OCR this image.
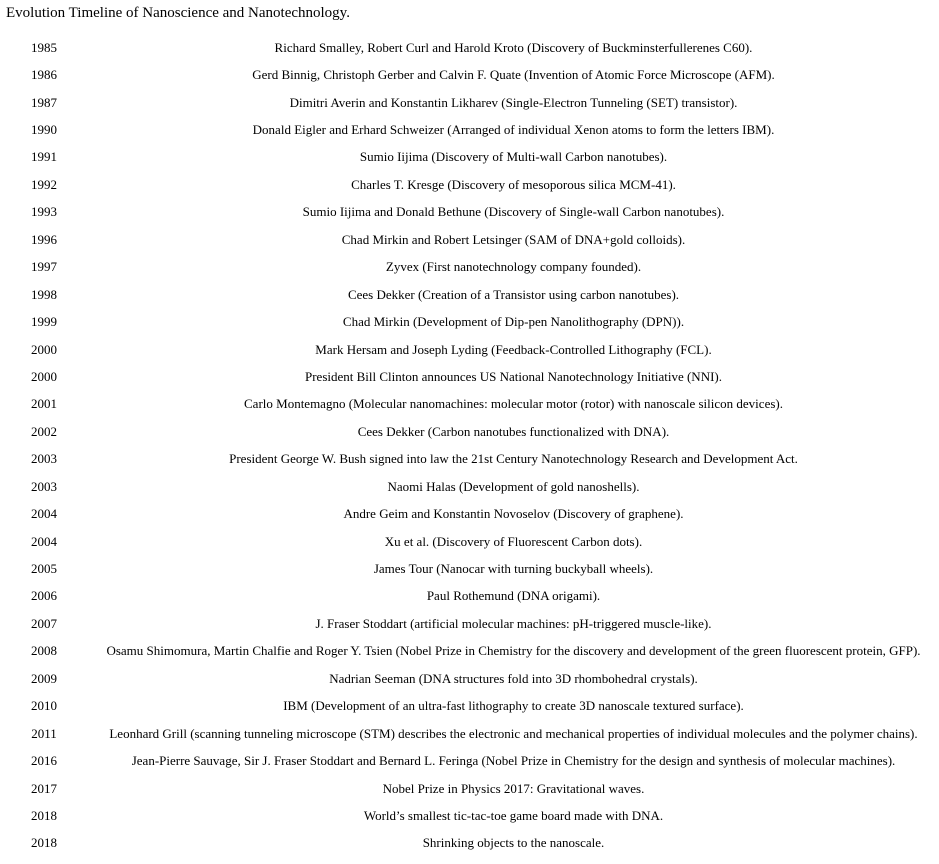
Evolution Timeline of Nanoscience and Nanotechnology.
1985	Richard Smalley, Robert Curl and Harold Kroto (Discovery of Buckminsterfullerenes C60).
1986	Gerd Binnig, Christoph Gerber and Calvin F. Quate (Invention of Atomic Force Microscope (AFM).
1987	Dimitri Averin and Konstantin Likharev (Single-Electron Tunneling (SET) transistor).
1990	Donald Eigler and Erhard Schweizer (Arranged of individual Xenon atoms to form the letters IBM).
1991	Sumio Iijima (Discovery of Multi-wall Carbon nanotubes).
1992	Charles T. Kresge (Discovery of mesoporous silica MCM-41).
1993	Sumio Iijima and Donald Bethune (Discovery of Single-wall Carbon nanotubes).
1996	Chad Mirkin and Robert Letsinger (SAM of DNA+gold colloids).
1997	Zyvex (First nanotechnology company founded).
1998	Cees Dekker (Creation of a Transistor using carbon nanotubes).
1999	Chad Mirkin (Development of Dip-pen Nanolithography (DPN)).
2000	Mark Hersam and Joseph Lyding (Feedback-Controlled Lithography (FCL).
2000	President Bill Clinton announces US National Nanotechnology Initiative (NNI).
2001	Carlo Montemagno (Molecular nanomachines: molecular motor (rotor) with nanoscale silicon devices).
2002	Cees Dekker (Carbon nanotubes functionalized with DNA).
2003	President George W. Bush signed into law the 21st Century Nanotechnology Research and Development Act.
2003	Naomi Halas (Development of gold nanoshells).
2004	Andre Geim and Konstantin Novoselov (Discovery of graphene).
2004	Xu et al. (Discovery of Fluorescent Carbon dots).
2005	James Tour (Nanocar with turning buckyball wheels).
2006	Paul Rothemund (DNA origami).
2007	J. Fraser Stoddart (artificial molecular machines: pH-triggered muscle-like).
2008	Osamu Shimomura, Martin Chalfie and Roger Y. Tsien (Nobel Prize in Chemistry for the discovery and development of the green fluorescent protein, GFP).
2009	Nadrian Seeman (DNA structures fold into 3D rhombohedral crystals).
2010	IBM (Development of an ultra-fast lithography to create 3D nanoscale textured surface).
2011	Leonhard Grill (scanning tunneling microscope (STM) describes the electronic and mechanical properties of individual molecules and the polymer chains).
2016	Jean-Pierre Sauvage, Sir J. Fraser Stoddart and Bernard L. Feringa (Nobel Prize in Chemistry for the design and synthesis of molecular machines).
2017	Nobel Prize in Physics 2017: Gravitational waves.
2018	World’s smallest tic-tac-toe game board made with DNA.
2018	Shrinking objects to the nanoscale.
